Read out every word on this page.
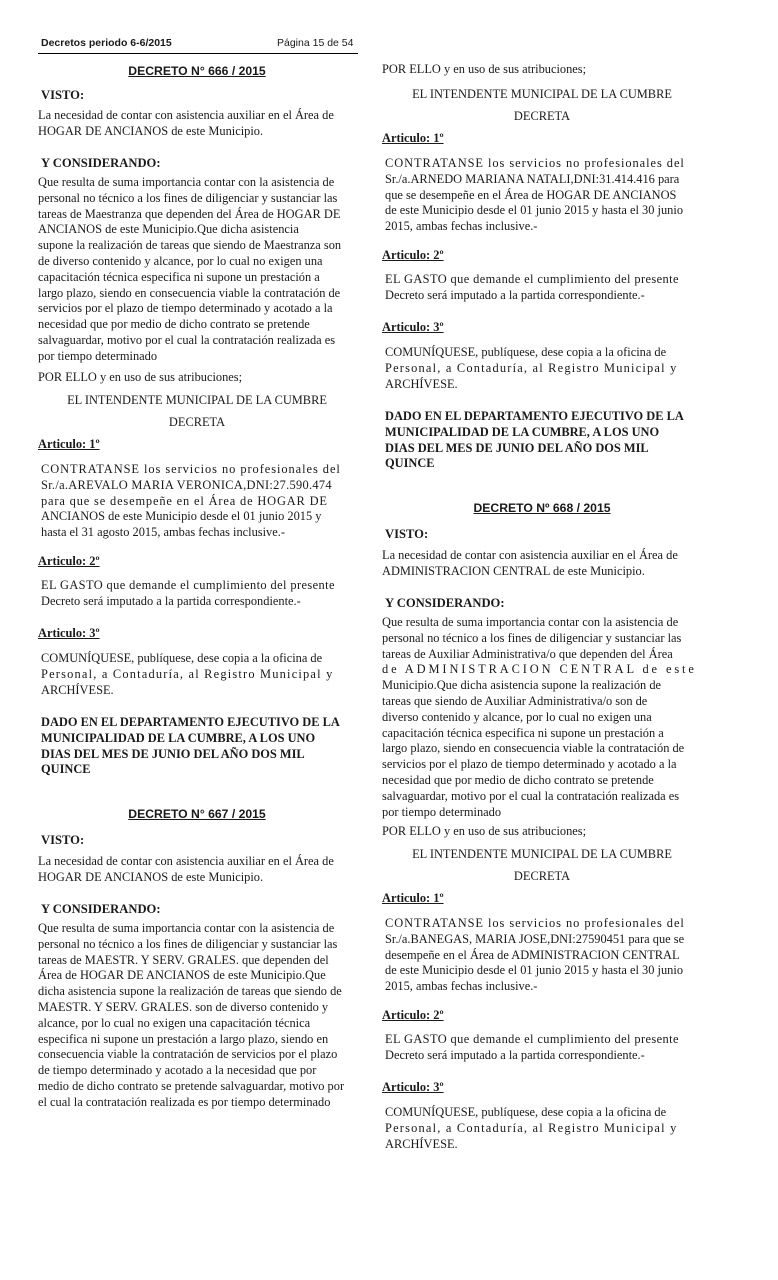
Decretos periodo 6-6/2015	Página 15 de 54
DECRETO N° 666 / 2015
VISTO:
La necesidad de contar con asistencia auxiliar en el Área de
HOGAR DE ANCIANOS de este Municipio.
Y CONSIDERANDO:
Que resulta de suma importancia contar con la asistencia de
personal no técnico a los fines de diligenciar y sustanciar las
tareas de Maestranza que dependen del Área de HOGAR DE
ANCIANOS de este Municipio.Que dicha asistencia
supone la realización de tareas que siendo de Maestranza son
de diverso contenido y alcance, por lo cual no exigen una
capacitación técnica especifica ni supone un prestación a
largo plazo, siendo en consecuencia viable la contratación de
servicios por el plazo de tiempo determinado y acotado a la
necesidad que por medio de dicho contrato se pretende
salvaguardar, motivo por el cual la contratación realizada es
por tiempo determinado
POR ELLO y en uso de sus atribuciones;
EL INTENDENTE MUNICIPAL DE LA CUMBRE
DECRETA
Articulo: 1º
CONTRATANSE los servicios no profesionales del
Sr./a.AREVALO MARIA VERONICA,DNI:27.590.474
para que se desempeñe en el Área de HOGAR DE
ANCIANOS de este Municipio desde el 01 junio 2015 y
hasta el 31 agosto 2015, ambas fechas inclusive.-
Articulo: 2º
EL GASTO que demande el cumplimiento del presente
Decreto será imputado a la partida correspondiente.-
Articulo: 3º
COMUNÍQUESE, publíquese, dese copia a la oficina de
Personal, a Contaduría, al Registro Municipal y
ARCHÍVESE.
DADO EN EL DEPARTAMENTO EJECUTIVO DE LA
MUNICIPALIDAD DE LA CUMBRE, A LOS UNO
DIAS DEL MES DE JUNIO DEL AÑO DOS MIL
QUINCE
DECRETO N° 667 / 2015
VISTO:
La necesidad de contar con asistencia auxiliar en el Área de
HOGAR DE ANCIANOS de este Municipio.
Y CONSIDERANDO:
Que resulta de suma importancia contar con la asistencia de
personal no técnico a los fines de diligenciar y sustanciar las
tareas de MAESTR. Y SERV. GRALES. que dependen del
Área de HOGAR DE ANCIANOS de este Municipio.Que
dicha asistencia supone la realización de tareas que siendo de
MAESTR. Y SERV. GRALES. son de diverso contenido y
alcance, por lo cual no exigen una capacitación técnica
especifica ni supone un prestación a largo plazo, siendo en
consecuencia viable la contratación de servicios por el plazo
de tiempo determinado y acotado a la necesidad que por
medio de dicho contrato se pretende salvaguardar, motivo por
el cual la contratación realizada es por tiempo determinado
POR ELLO y en uso de sus atribuciones;
EL INTENDENTE MUNICIPAL DE LA CUMBRE
DECRETA
Articulo: 1º
CONTRATANSE los servicios no profesionales del
Sr./a.ARNEDO MARIANA NATALI,DNI:31.414.416 para
que se desempeñe en el Área de HOGAR DE ANCIANOS
de este Municipio desde el 01 junio 2015 y hasta el 30 junio
2015, ambas fechas inclusive.-
Articulo: 2º
EL GASTO que demande el cumplimiento del presente
Decreto será imputado a la partida correspondiente.-
Articulo: 3º
COMUNÍQUESE, publíquese, dese copia a la oficina de
Personal, a Contaduría, al Registro Municipal y
ARCHÍVESE.
DADO EN EL DEPARTAMENTO EJECUTIVO DE LA
MUNICIPALIDAD DE LA CUMBRE, A LOS UNO
DIAS DEL MES DE JUNIO DEL AÑO DOS MIL
QUINCE
DECRETO Nº 668 / 2015
VISTO:
La necesidad de contar con asistencia auxiliar en el Área de
ADMINISTRACION CENTRAL de este Municipio.
Y CONSIDERANDO:
Que resulta de suma importancia contar con la asistencia de
personal no técnico a los fines de diligenciar y sustanciar las
tareas de Auxiliar Administrativa/o que dependen del Área
de ADMINISTRACION CENTRAL de este
Municipio.Que dicha asistencia supone la realización de
tareas que siendo de Auxiliar Administrativa/o son de
diverso contenido y alcance, por lo cual no exigen una
capacitación técnica especifica ni supone un prestación a
largo plazo, siendo en consecuencia viable la contratación de
servicios por el plazo de tiempo determinado y acotado a la
necesidad que por medio de dicho contrato se pretende
salvaguardar, motivo por el cual la contratación realizada es
por tiempo determinado
POR ELLO y en uso de sus atribuciones;
EL INTENDENTE MUNICIPAL DE LA CUMBRE
DECRETA
Articulo: 1º
CONTRATANSE los servicios no profesionales del
Sr./a.BANEGAS, MARIA JOSE,DNI:27590451 para que se
desempeñe en el Área de ADMINISTRACION CENTRAL
de este Municipio desde el 01 junio 2015 y hasta el 30 junio
2015, ambas fechas inclusive.-
Articulo: 2º
EL GASTO que demande el cumplimiento del presente
Decreto será imputado a la partida correspondiente.-
Articulo: 3º
COMUNÍQUESE, publíquese, dese copia a la oficina de
Personal, a Contaduría, al Registro Municipal y
ARCHÍVESE.
